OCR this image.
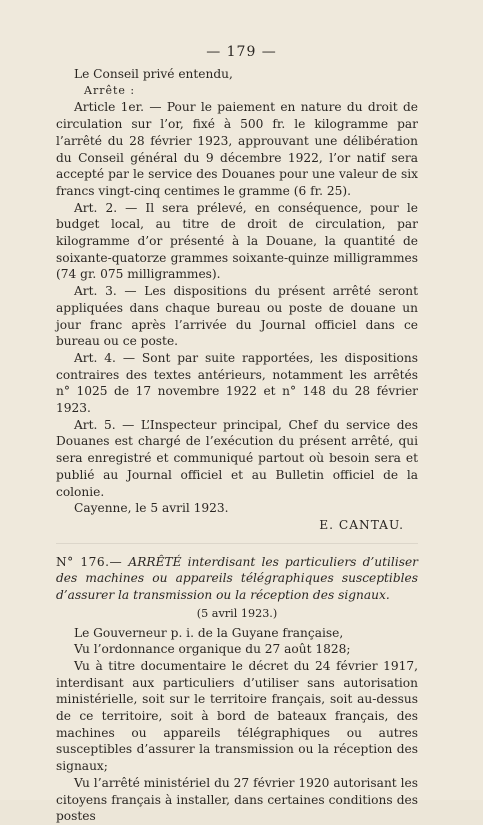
— 179 —

Le Conseil privé entendu,

Arrête :

Article 1er. — Pour le paiement en nature du droit de circulation sur l’or, fixé à 500 fr. le kilogramme par l’arrêté du 28 février 1923, approuvant une délibération du Conseil général du 9 décembre 1922, l’or natif sera accepté par le service des Douanes pour une valeur de six francs vingt-cinq centimes le gramme (6 fr. 25).

Art. 2. — Il sera prélevé, en conséquence, pour le budget local, au titre de droit de circulation, par kilogramme d’or présenté à la Douane, la quantité de soixante-quatorze grammes soixante-quinze milligrammes (74 gr. 075 milligrammes).

Art. 3. — Les dispositions du présent arrêté seront appliquées dans chaque bureau ou poste de douane un jour franc après l’arrivée du Journal officiel dans ce bureau ou ce poste.

Art. 4. — Sont par suite rapportées, les dispositions contraires des textes antérieurs, notamment les arrêtés n° 1025 de 17 novembre 1922 et n° 148 du 28 février 1923.

Art. 5. — L’Inspecteur principal, Chef du service des Douanes est chargé de l’exécution du présent arrêté, qui sera enregistré et communiqué partout où besoin sera et publié au Journal officiel et au Bulletin officiel de la colonie.

Cayenne, le 5 avril 1923.

E. CANTAU.

N° 176.— ARRÊTÉ interdisant les particuliers d’utiliser des machines ou appareils télégraphiques susceptibles d’assurer la transmission ou la réception des signaux.

(5 avril 1923.)

Le Gouverneur p. i. de la Guyane française,

Vu l’ordonnance organique du 27 août 1828;

Vu à titre documentaire le décret du 24 février 1917, interdisant aux particuliers d’utiliser sans autorisation ministérielle, soit sur le territoire français, soit au-dessus de ce territoire, soit à bord de bateaux français, des machines ou appareils télégraphiques ou autres susceptibles d’assurer la transmission ou la réception des signaux;

Vu l’arrêté ministériel du 27 février 1920 autorisant les citoyens français à installer, dans certaines conditions des postes
